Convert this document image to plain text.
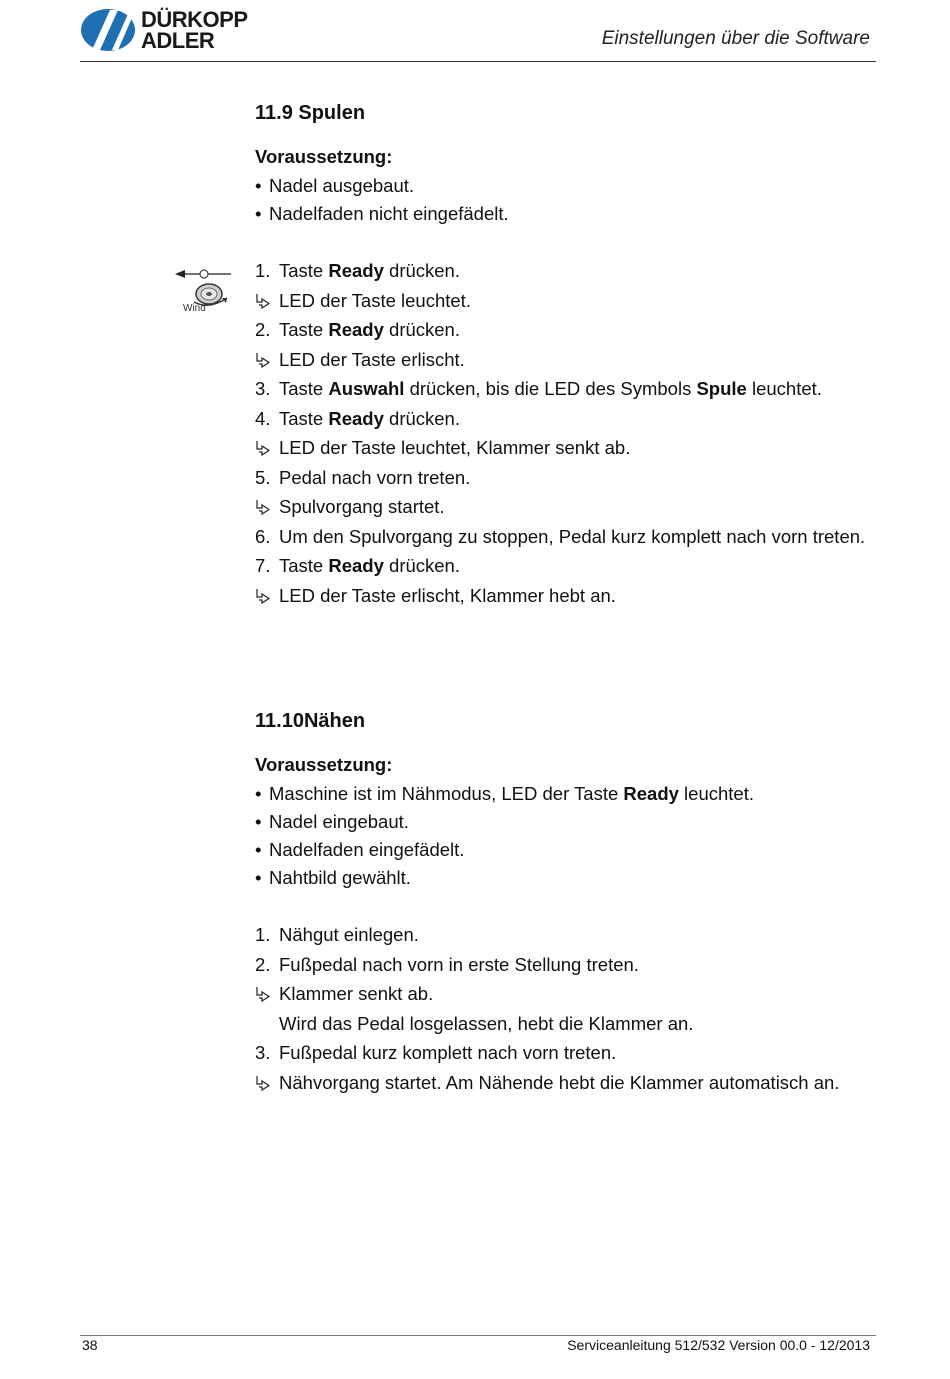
DÜRKOPP
ADLER	Einstellungen über die Software
Wind
11.9 Spulen
Voraussetzung:
• Nadel ausgebaut.
• Nadelfaden nicht eingefädelt.
1. Taste Ready drücken.
LED der Taste leuchtet.
2. Taste Ready drücken.
LED der Taste erlischt.
3. Taste Auswahl drücken, bis die LED des Symbols Spule leuchtet.
4. Taste Ready drücken.
LED der Taste leuchtet, Klammer senkt ab.
5. Pedal nach vorn treten.
Spulvorgang startet.
6. Um den Spulvorgang zu stoppen, Pedal kurz komplett nach vorn treten.
7. Taste Ready drücken.
LED der Taste erlischt, Klammer hebt an.
11.10Nähen
Voraussetzung:
• Maschine ist im Nähmodus, LED der Taste Ready leuchtet.
• Nadel eingebaut.
• Nadelfaden eingefädelt.
• Nahtbild gewählt.
1. Nähgut einlegen.
2. Fußpedal nach vorn in erste Stellung treten.
Klammer senkt ab.
Wird das Pedal losgelassen, hebt die Klammer an.
3. Fußpedal kurz komplett nach vorn treten.
Nähvorgang startet. Am Nähende hebt die Klammer automatisch an.
38	Serviceanleitung 512/532 Version 00.0 - 12/2013
